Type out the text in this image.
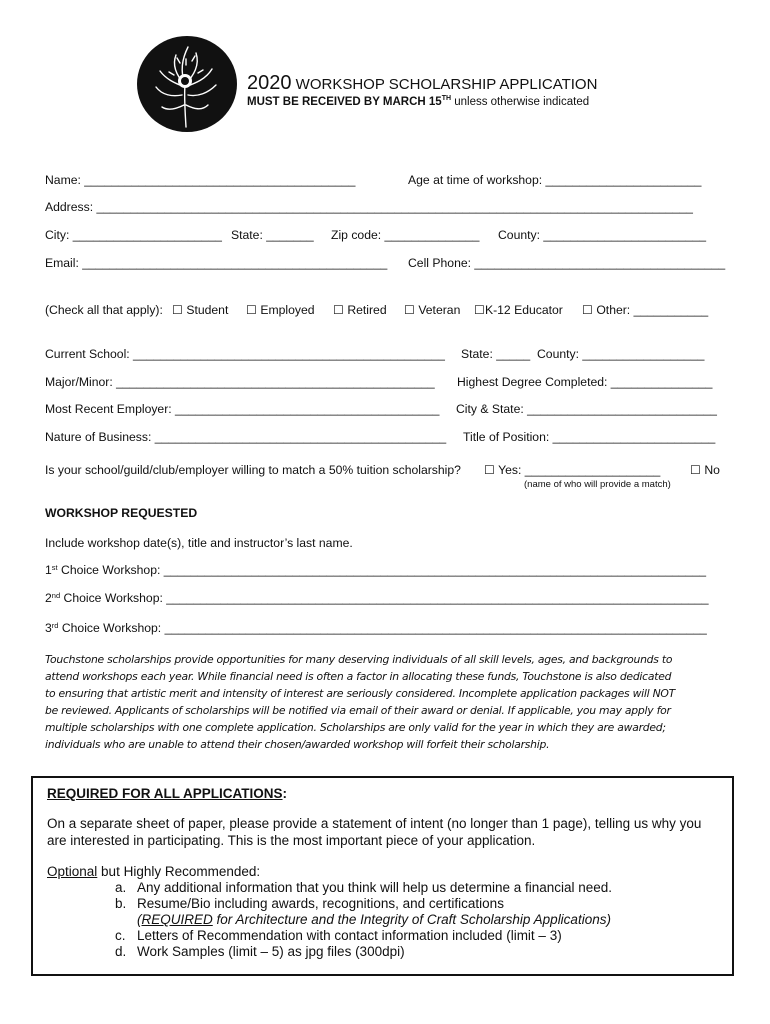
2020 WORKSHOP SCHOLARSHIP APPLICATION
MUST BE RECEIVED BY MARCH 15TH unless otherwise indicated
Name: ________________________________________	Age at time of workshop: _______________________
Address: ________________________________________________________________________________________
City: ______________________ State: _______ Zip code: ______________ County: ________________________
Email: _____________________________________________ Cell Phone: _____________________________________
(Check all that apply): ☐ Student ☐ Employed ☐ Retired ☐ Veteran ☐K-12 Educator ☐ Other: ___________
Current School: ______________________________________________ State: _____ County: __________________
Major/Minor: _______________________________________________ Highest Degree Completed: _______________
Most Recent Employer: _______________________________________ City & State: ____________________________
Nature of Business: ___________________________________________ Title of Position: ________________________
Is your school/guild/club/employer willing to match a 50% tuition scholarship? ☐ Yes: ____________________ ☐ No
(name of who will provide a match)
WORKSHOP REQUESTED
Include workshop date(s), title and instructor’s last name.
1st Choice Workshop: ________________________________________________________________________________
2nd Choice Workshop: ________________________________________________________________________________
3rd Choice Workshop: ________________________________________________________________________________

Touchstone scholarships provide opportunities for many deserving individuals of all skill levels, ages, and backgrounds to

attend workshops each year. While financial need is often a factor in allocating these funds, Touchstone is also dedicated

to ensuring that artistic merit and intensity of interest are seriously considered. Incomplete application packages will NOT

be reviewed. Applicants of scholarships will be notified via email of their award or denial. If applicable, you may apply for

multiple scholarships with one complete application. Scholarships are only valid for the year in which they are awarded;

individuals who are unable to attend their chosen/awarded workshop will forfeit their scholarship.

REQUIRED FOR ALL APPLICATIONS:
On a separate sheet of paper, please provide a statement of intent (no longer than 1 page), telling us why you
are interested in participating. This is the most important piece of your application.
Optional but Highly Recommended:
a. Any additional information that you think will help us determine a financial need.
b. Resume/Bio including awards, recognitions, and certifications
(REQUIRED for Architecture and the Integrity of Craft Scholarship Applications)
c. Letters of Recommendation with contact information included (limit – 3)
d. Work Samples (limit – 5) as jpg files (300dpi)
